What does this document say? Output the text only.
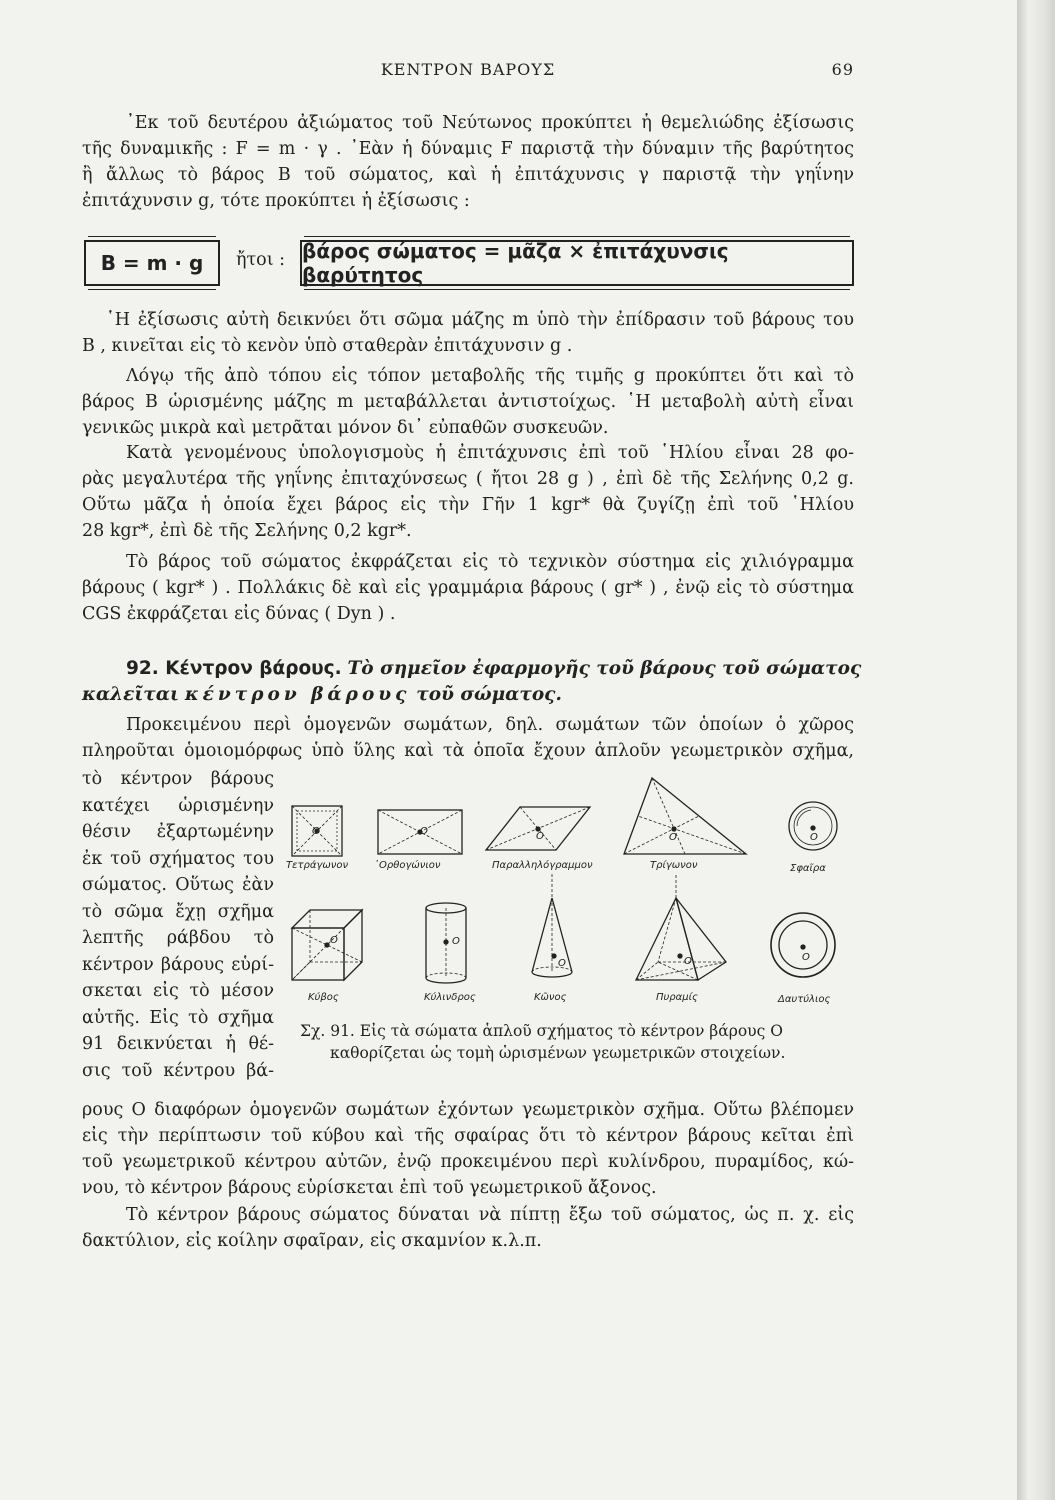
ΚΕΝΤΡΟΝ ΒΑΡΟΥΣ	69
᾿Εκ τοῦ δευτέρου ἀξιώματος τοῦ Νεύτωνος προκύπτει ἡ θεμελιώδης ἐξίσωσις
τῆς δυναμικῆς : F = m · γ . ᾿Εὰν ἡ δύναμις F παριστᾷ τὴν δύναμιν τῆς βαρύτητος
ἢ ἄλλως τὸ βάρος B τοῦ σώματος, καὶ ἡ ἐπιτάχυνσις γ παριστᾷ τὴν γηΐνην
ἐπιτάχυνσιν g, τότε προκύπτει ἡ ἐξίσωσις :
B = m · g ἤτοι : βάρος σώματος = μᾶζα × ἐπιτάχυνσις βαρύτητος
῾Η ἐξίσωσις αὐτὴ δεικνύει ὅτι σῶμα μάζης m ὑπὸ τὴν ἐπίδρασιν τοῦ βάρους του
B , κινεῖται εἰς τὸ κενὸν ὑπὸ σταθερὰν ἐπιτάχυνσιν g .
Λόγῳ τῆς ἀπὸ τόπου εἰς τόπον μεταβολῆς τῆς τιμῆς g προκύπτει ὅτι καὶ τὸ
βάρος B ὡρισμένης μάζης m μεταβάλλεται ἀντιστοίχως. ῾Η μεταβολὴ αὐτὴ εἶναι
γενικῶς μικρὰ καὶ μετρᾶται μόνον δι᾿ εὐπαθῶν συσκευῶν.
Κατὰ γενομένους ὑπολογισμοὺς ἡ ἐπιτάχυνσις ἐπὶ τοῦ ῾Ηλίου εἶναι 28 φο-
ρὰς μεγαλυτέρα τῆς γηΐνης ἐπιταχύνσεως ( ἤτοι 28 g ) , ἐπὶ δὲ τῆς Σελήνης 0,2 g.
Οὕτω μᾶζα ἡ ὁποία ἔχει βάρος εἰς τὴν Γῆν 1 kgr* θὰ ζυγίζῃ ἐπὶ τοῦ ῾Ηλίου
28 kgr*, ἐπὶ δὲ τῆς Σελήνης 0,2 kgr*.
Τὸ βάρος τοῦ σώματος ἐκφράζεται εἰς τὸ τεχνικὸν σύστημα εἰς χιλιόγραμμα
βάρους ( kgr* ) . Πολλάκις δὲ καὶ εἰς γραμμάρια βάρους ( gr* ) , ἐνῷ εἰς τὸ σύστημα
CGS ἐκφράζεται εἰς δύνας ( Dyn ) .
92. Κέντρον βάρους. Τὸ σημεῖον ἐφαρμογῆς τοῦ βάρους τοῦ σώματος
καλεῖται κέντρον βάρους τοῦ σώματος.
Προκειμένου περὶ ὁμογενῶν σωμάτων, δηλ. σωμάτων τῶν ὁποίων ὁ χῶρος
πληροῦται ὁμοιομόρφως ὑπὸ ὕλης καὶ τὰ ὁποῖα ἔχουν ἁπλοῦν γεωμετρικὸν σχῆμα,
τὸ κέντρον βάρους
κατέχει ὡρισμένην
θέσιν ἐξαρτωμένην
ἐκ τοῦ σχήματος του
σώματος. Οὕτως ἐὰν
τὸ σῶμα ἔχῃ σχῆμα
λεπτῆς ράβδου τὸ
κέντρον βάρους εὑρί-
σκεται εἰς τὸ μέσον
αὐτῆς. Εἰς τὸ σχῆμα
91 δεικνύεται ἡ θέ-
σις τοῦ κέντρου βά-
O	O	O	O	O
O	O
O	O	O
Τετράγωνον	᾿Ορθογώνιον	Παραλληλόγραμμον	Τρίγωνον	Σφαῖρα
Κύβος	Κύλινδρος	Κῶνος	Πυραμίς	Δαυτύλιος
Σχ. 91. Εἰς τὰ σώματα ἁπλοῦ σχήματος τὸ κέντρον βάρους O
καθορίζεται ὡς τομὴ ὡρισμένων γεωμετρικῶν στοιχείων.
ρους O διαφόρων ὁμογενῶν σωμάτων ἐχόντων γεωμετρικὸν σχῆμα. Οὕτω βλέπομεν
εἰς τὴν περίπτωσιν τοῦ κύβου καὶ τῆς σφαίρας ὅτι τὸ κέντρον βάρους κεῖται ἐπὶ
τοῦ γεωμετρικοῦ κέντρου αὐτῶν, ἐνῷ προκειμένου περὶ κυλίνδρου, πυραμίδος, κώ-
νου, τὸ κέντρον βάρους εὑρίσκεται ἐπὶ τοῦ γεωμετρικοῦ ἄξονος.
Τὸ κέντρον βάρους σώματος δύναται νὰ πίπτῃ ἔξω τοῦ σώματος, ὡς π. χ. εἰς
δακτύλιον, εἰς κοίλην σφαῖραν, εἰς σκαμνίον κ.λ.π.
